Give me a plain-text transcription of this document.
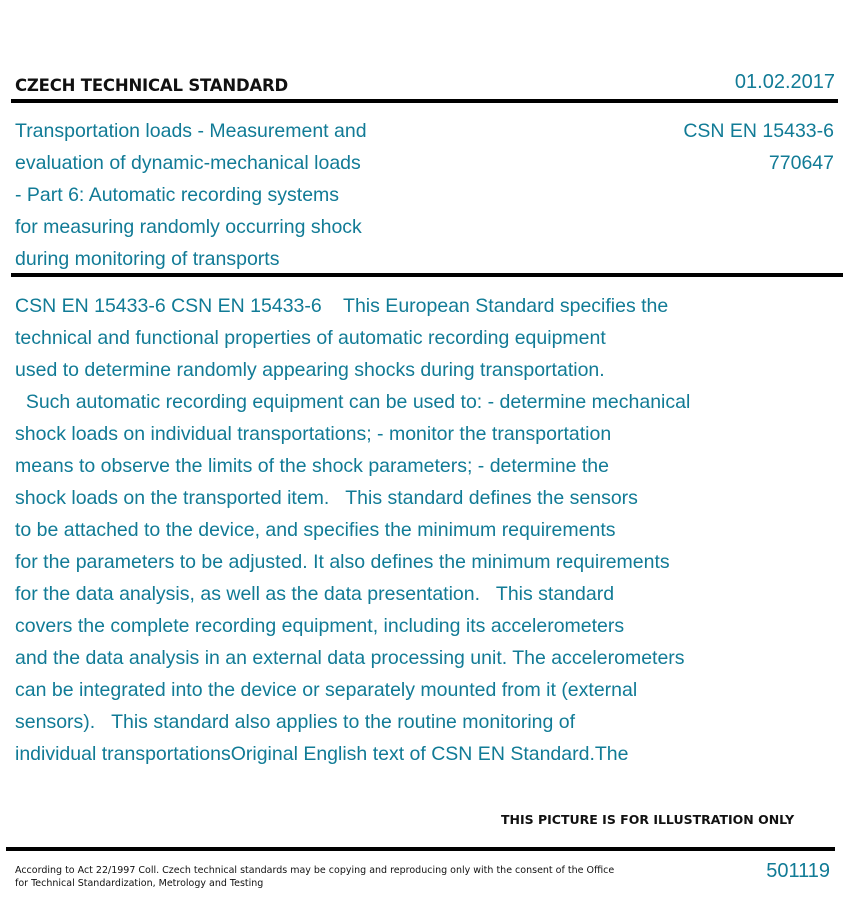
CZECH TECHNICAL STANDARD	01.02.2017
Transportation loads - Measurement and
evaluation of dynamic-mechanical loads
- Part 6: Automatic recording systems
for measuring randomly occurring shock
during monitoring of transports
CSN EN 15433-6
770647
CSN EN 15433-6 CSN EN 15433-6    This European Standard specifies the
technical and functional properties of automatic recording equipment
used to determine randomly appearing shocks during transportation.
Such automatic recording equipment can be used to: - determine mechanical
shock loads on individual transportations; - monitor the transportation
means to observe the limits of the shock parameters; - determine the
shock loads on the transported item.   This standard defines the sensors
to be attached to the device, and specifies the minimum requirements
for the parameters to be adjusted. It also defines the minimum requirements
for the data analysis, as well as the data presentation.   This standard
covers the complete recording equipment, including its accelerometers
and the data analysis in an external data processing unit. The accelerometers
can be integrated into the device or separately mounted from it (external
sensors).   This standard also applies to the routine monitoring of
individual transportationsOriginal English text of CSN EN Standard.The
THIS PICTURE IS FOR ILLUSTRATION ONLY
According to Act 22/1997 Coll. Czech technical standards may be copying and reproducing only with the consent of the Office
for Technical Standardization, Metrology and Testing
501119
